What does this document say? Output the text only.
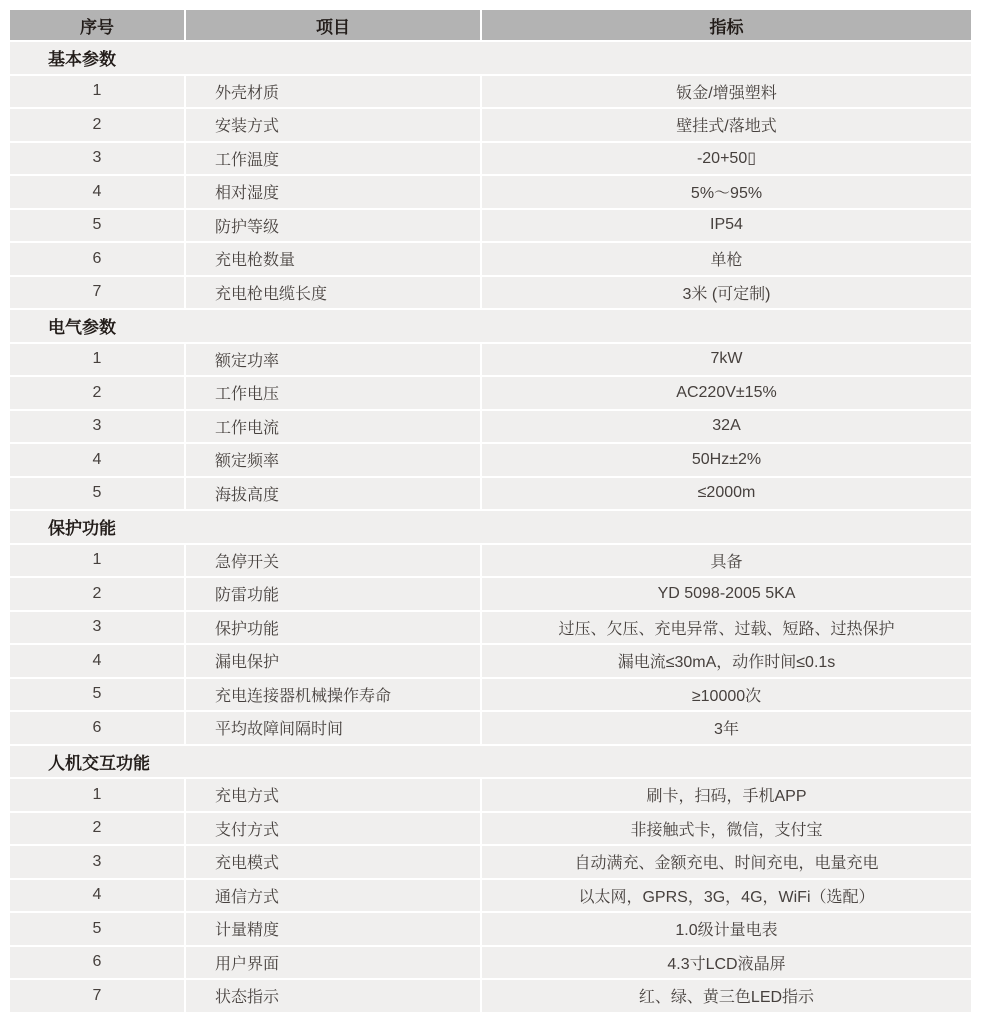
序号	项目	指标
基本参数		
1	外壳材质	钣金/增强塑料
2	安装方式	壁挂式/落地式
3	工作温度	-20+50▯
4	相对湿度	5%～95%
5	防护等级	IP54
6	充电枪数量	单枪
7	充电枪电缆长度	3米 (可定制)
电气参数		
1	额定功率	7kW
2	工作电压	AC220V±15%
3	工作电流	32A
4	额定频率	50Hz±2%
5	海拔高度	≤2000m
保护功能		
1	急停开关	具备
2	防雷功能	YD 5098-2005 5KA
3	保护功能	过压、欠压、充电异常、过载、短路、过热保护
4	漏电保护	漏电流≤30mA，动作时间≤0.1s
5	充电连接器机械操作寿命	≥10000次
6	平均故障间隔时间	3年
人机交互功能		
1	充电方式	刷卡，扫码，手机APP
2	支付方式	非接触式卡，微信，支付宝
3	充电模式	自动满充、金额充电、时间充电，电量充电
4	通信方式	以太网，GPRS，3G，4G，WiFi（选配）
5	计量精度	1.0级计量电表
6	用户界面	4.3寸LCD液晶屏
7	状态指示	红、绿、黄三色LED指示
